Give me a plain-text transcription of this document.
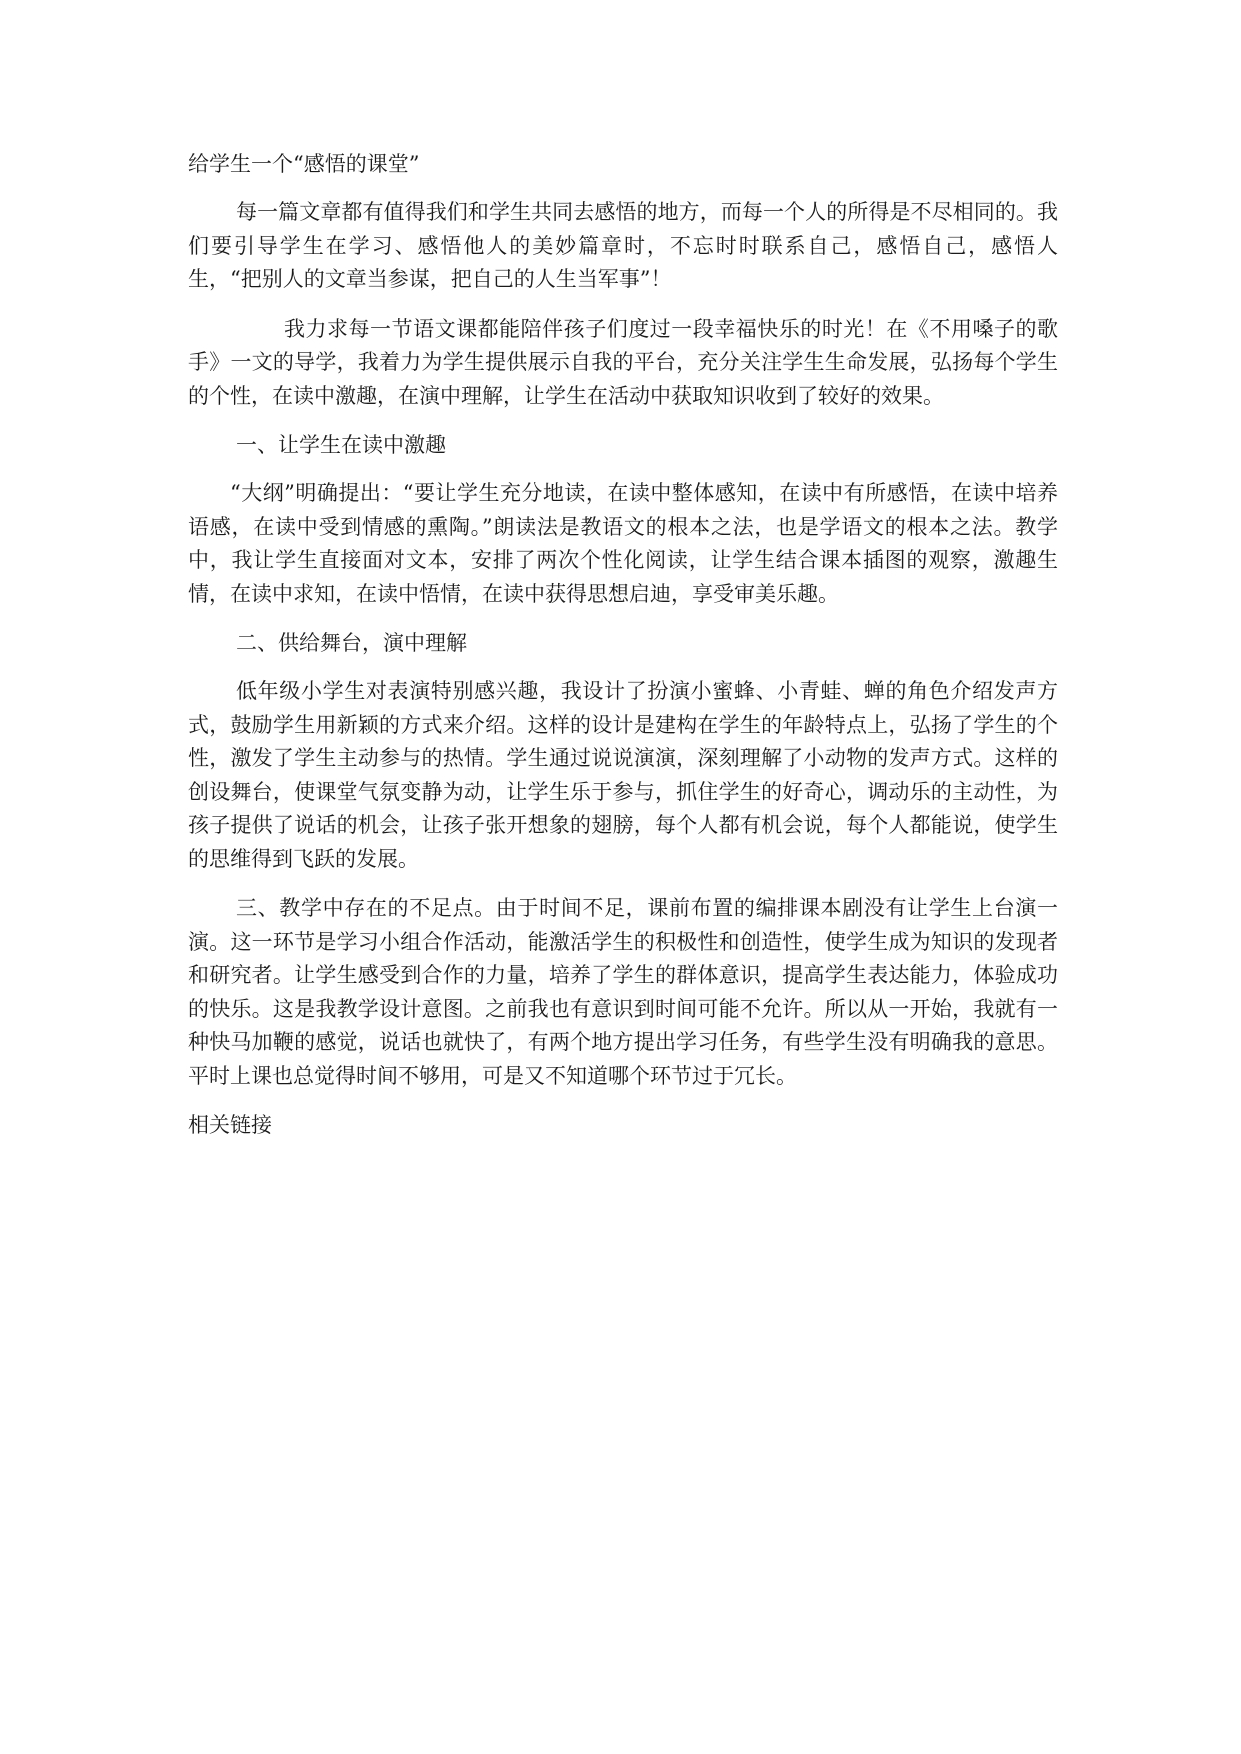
给学生一个“感悟的课堂”

每一篇文章都有值得我们和学生共同去感悟的地方，而每一个人的所得是不尽相同的。我们要引导学生在学习、感悟他人的美妙篇章时，不忘时时联系自己，感悟自己，感悟人生，“把别人的文章当参谋，把自己的人生当军事”！

我力求每一节语文课都能陪伴孩子们度过一段幸福快乐的时光！在《不用嗓子的歌手》一文的导学，我着力为学生提供展示自我的平台，充分关注学生生命发展，弘扬每个学生的个性，在读中激趣，在演中理解，让学生在活动中获取知识收到了较好的效果。

一、让学生在读中激趣

“大纲”明确提出：“要让学生充分地读，在读中整体感知，在读中有所感悟，在读中培养语感，在读中受到情感的熏陶。”朗读法是教语文的根本之法，也是学语文的根本之法。教学中，我让学生直接面对文本，安排了两次个性化阅读，让学生结合课本插图的观察，激趣生情，在读中求知，在读中悟情，在读中获得思想启迪，享受审美乐趣。

二、供给舞台，演中理解

低年级小学生对表演特别感兴趣，我设计了扮演小蜜蜂、小青蛙、蝉的角色介绍发声方式，鼓励学生用新颖的方式来介绍。这样的设计是建构在学生的年龄特点上，弘扬了学生的个性，激发了学生主动参与的热情。学生通过说说演演，深刻理解了小动物的发声方式。这样的创设舞台，使课堂气氛变静为动，让学生乐于参与，抓住学生的好奇心，调动乐的主动性，为孩子提供了说话的机会，让孩子张开想象的翅膀，每个人都有机会说，每个人都能说，使学生的思维得到飞跃的发展。

三、教学中存在的不足点。由于时间不足，课前布置的编排课本剧没有让学生上台演一演。这一环节是学习小组合作活动，能激活学生的积极性和创造性，使学生成为知识的发现者和研究者。让学生感受到合作的力量，培养了学生的群体意识，提高学生表达能力，体验成功的快乐。这是我教学设计意图。之前我也有意识到时间可能不允许。所以从一开始，我就有一种快马加鞭的感觉，说话也就快了，有两个地方提出学习任务，有些学生没有明确我的意思。平时上课也总觉得时间不够用，可是又不知道哪个环节过于冗长。

相关链接
